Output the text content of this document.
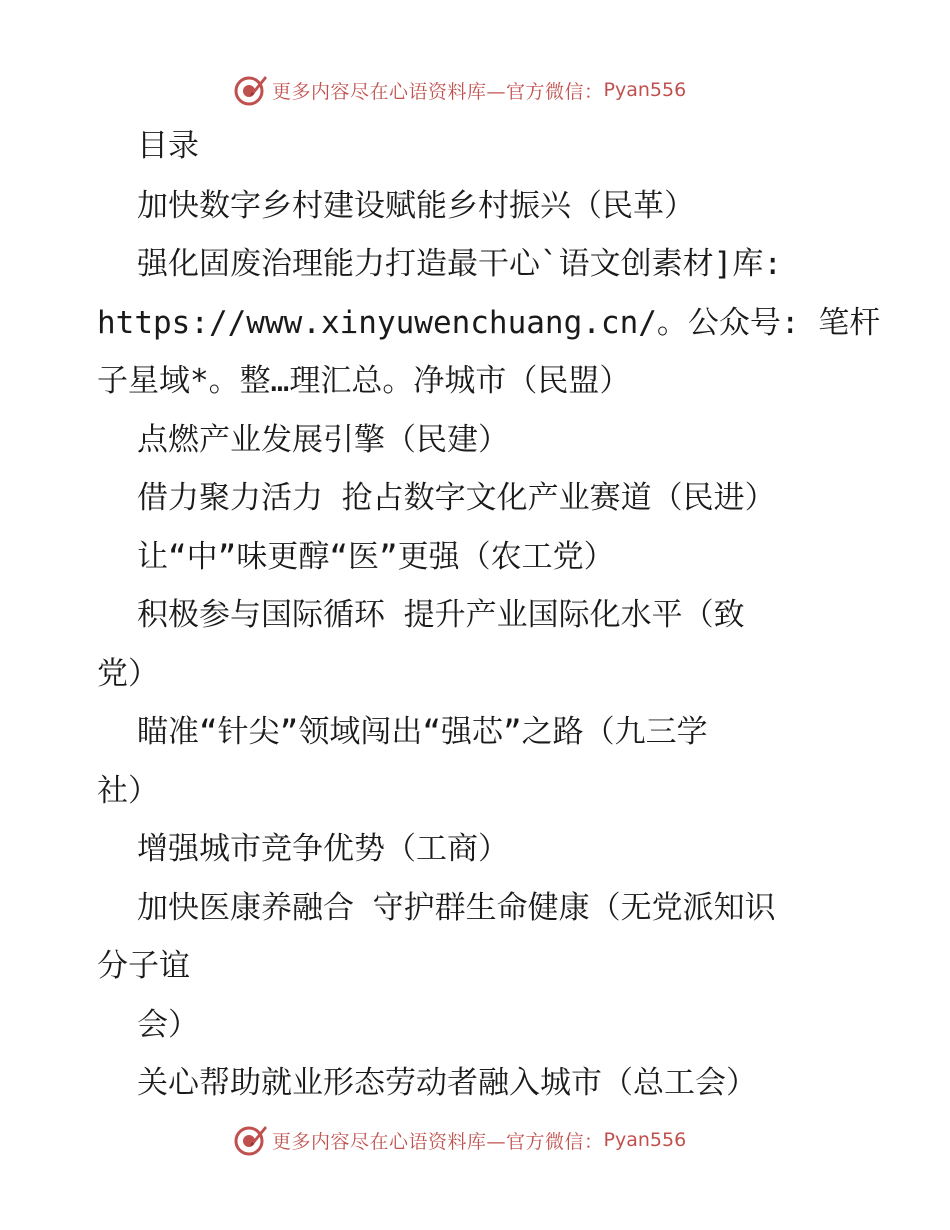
更多内容尽在心语资料库—官方微信： Pyan556
目录
加快数字乡村建设赋能乡村振兴（民革）
强化固废治理能力打造最干心`语文创素材]库:
https://www.xinyuwenchuang.cn/。公众号: 笔杆
子星域*。整…理汇总。净城市（民盟）
点燃产业发展引擎（民建）
借力聚力活力 抢占数字文化产业赛道（民进）
让“中”味更醇“医”更强（农工党）
积极参与国际循环 提升产业国际化水平（致
党）
瞄准“针尖”领域闯出“强芯”之路（九三学
社）
增强城市竞争优势（工商）
加快医康养融合 守护群生命健康（无党派知识
分子谊
会）
关心帮助就业形态劳动者融入城市（总工会）
更多内容尽在心语资料库—官方微信： Pyan556
